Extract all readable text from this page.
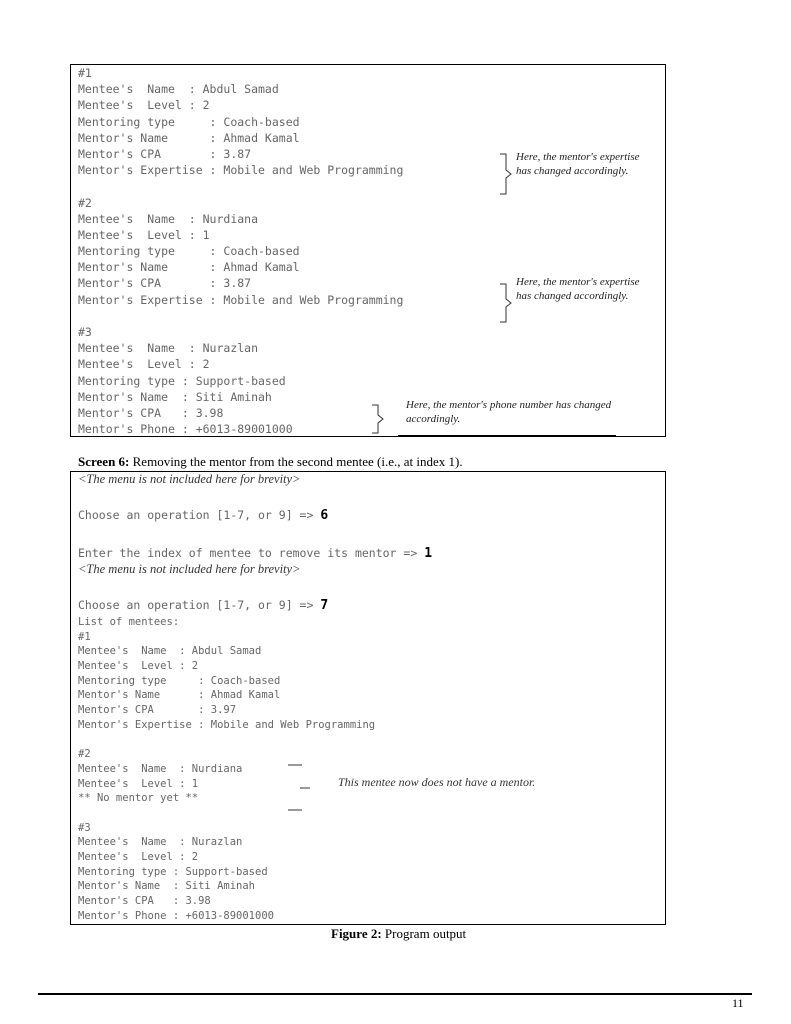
#1
Mentee's  Name  : Abdul Samad
Mentee's  Level : 2
Mentoring type     : Coach-based
Mentor's Name      : Ahmad Kamal
Mentor's CPA       : 3.87
Mentor's Expertise : Mobile and Web Programming
#2
Mentee's  Name  : Nurdiana
Mentee's  Level : 1
Mentoring type     : Coach-based
Mentor's Name      : Ahmad Kamal
Mentor's CPA       : 3.87
Mentor's Expertise : Mobile and Web Programming
#3
Mentee's  Name  : Nurazlan
Mentee's  Level : 2
Mentoring type : Support-based
Mentor's Name  : Siti Aminah
Mentor's CPA   : 3.98
Mentor's Phone : +6013-89001000
Here, the mentor's expertise has changed accordingly.
Here, the mentor's expertise has changed accordingly.
Here, the mentor's phone number has changed accordingly.
Screen 6: Removing the mentor from the second mentee (i.e., at index 1).
<The menu is not included here for brevity>

Choose an operation [1-7, or 9] => 6

Enter the index of mentee to remove its mentor => 1
<The menu is not included here for brevity>

Choose an operation [1-7, or 9] => 7
List of mentees:
#1
Mentee's  Name  : Abdul Samad
Mentee's  Level : 2
Mentoring type     : Coach-based
Mentor's Name      : Ahmad Kamal
Mentor's CPA       : 3.97
Mentor's Expertise : Mobile and Web Programming
#2
Mentee's  Name  : Nurdiana
Mentee's  Level : 1
** No mentor yet **
#3
Mentee's  Name  : Nurazlan
Mentee's  Level : 2
Mentoring type : Support-based
Mentor's Name  : Siti Aminah
Mentor's CPA   : 3.98
Mentor's Phone : +6013-89001000
This mentee now does not have a mentor.
Figure 2: Program output
11
